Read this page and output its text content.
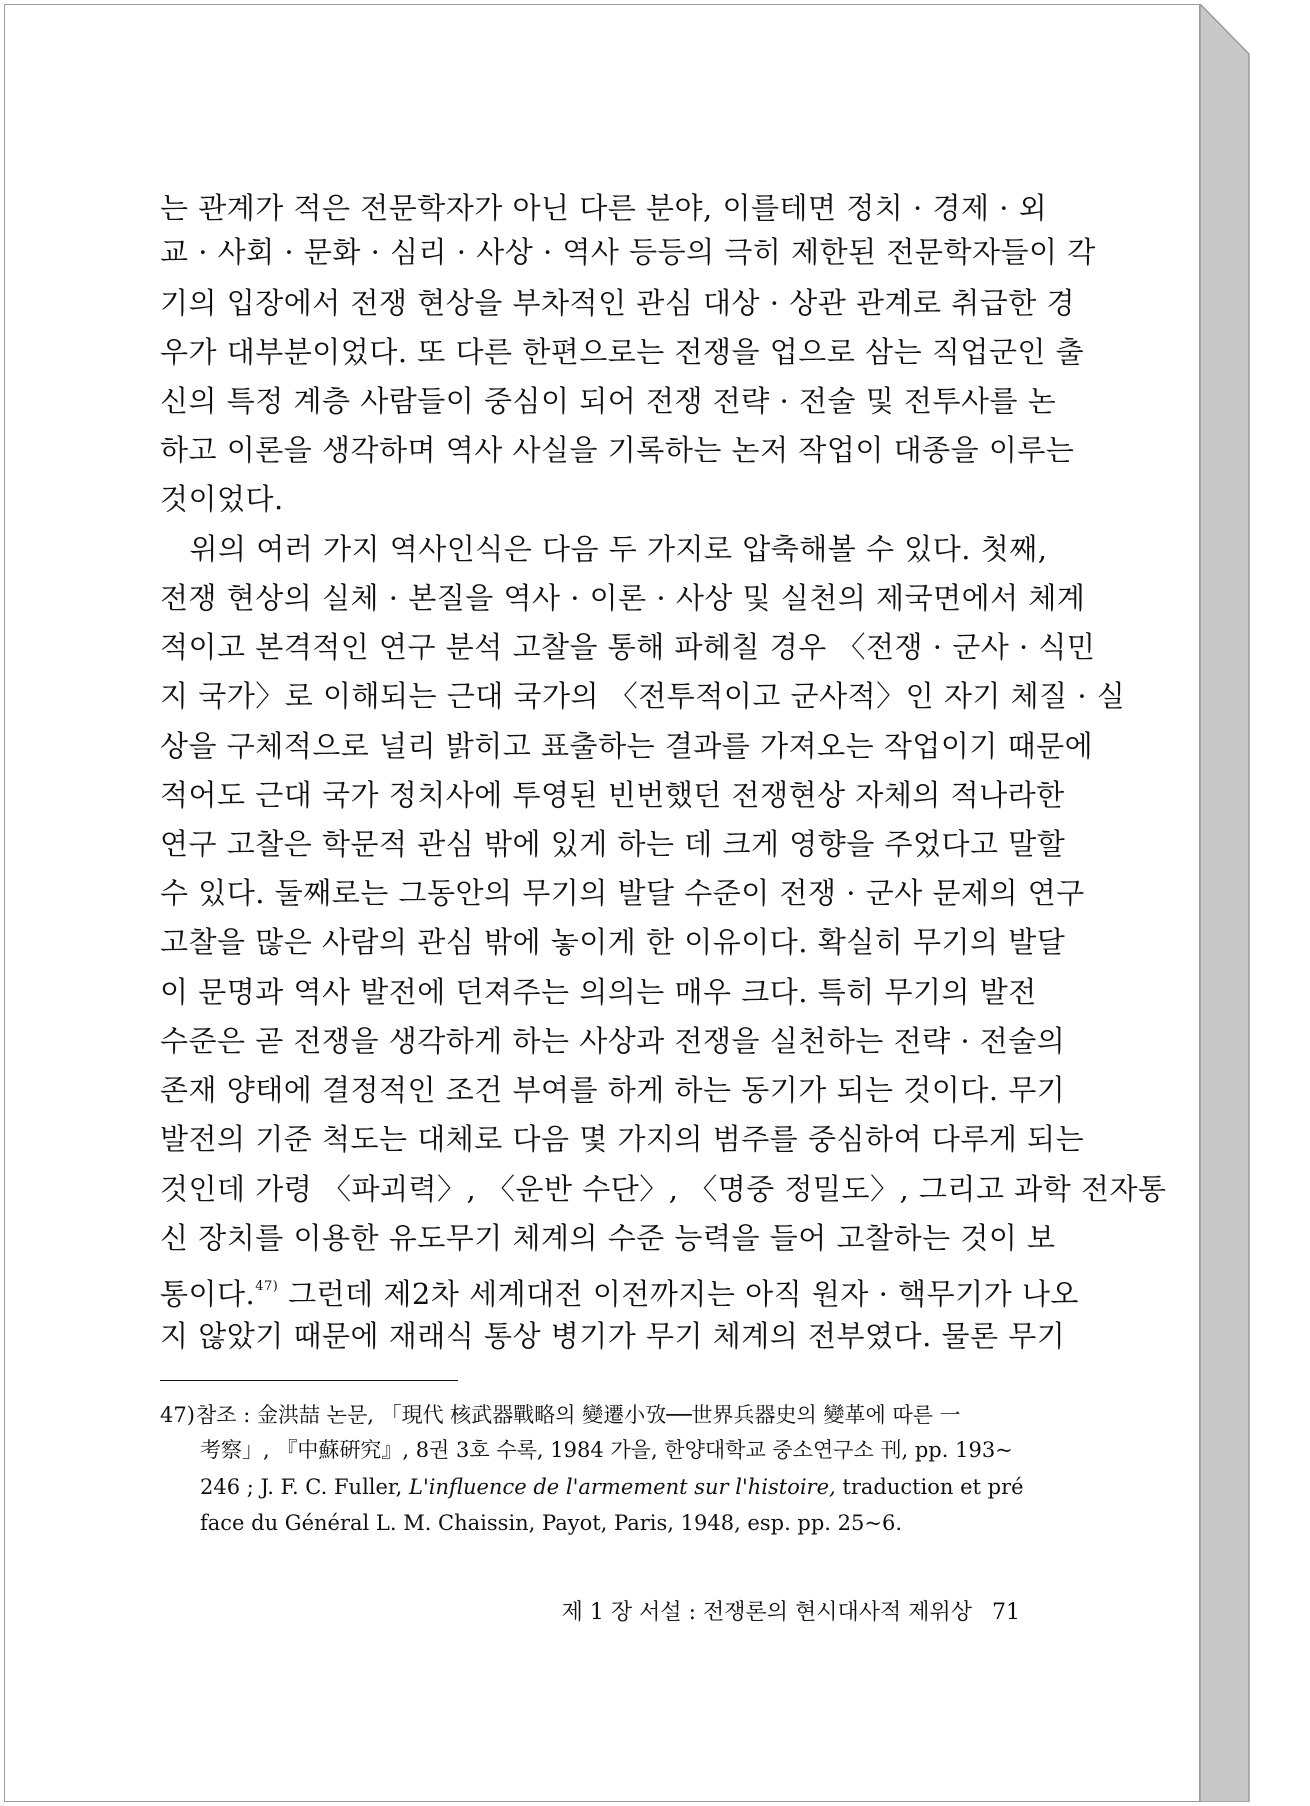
는 관계가 적은 전문학자가 아닌 다른 분야, 이를테면 정치 · 경제 · 외
교 · 사회 · 문화 · 심리 · 사상 · 역사 등등의 극히 제한된 전문학자들이 각
기의 입장에서 전쟁 현상을 부차적인 관심 대상 · 상관 관계로 취급한 경
우가 대부분이었다. 또 다른 한편으로는 전쟁을 업으로 삼는 직업군인 출
신의 특정 계층 사람들이 중심이 되어 전쟁 전략 · 전술 및 전투사를 논
하고 이론을 생각하며 역사 사실을 기록하는 논저 작업이 대종을 이루는
것이었다.
　위의 여러 가지 역사인식은 다음 두 가지로 압축해볼 수 있다. 첫째,
전쟁 현상의 실체 · 본질을 역사 · 이론 · 사상 및 실천의 제국면에서 체계
적이고 본격적인 연구 분석 고찰을 통해 파헤칠 경우 〈전쟁 · 군사 · 식민
지 국가〉로 이해되는 근대 국가의 〈전투적이고 군사적〉인 자기 체질 · 실
상을 구체적으로 널리 밝히고 표출하는 결과를 가져오는 작업이기 때문에
적어도 근대 국가 정치사에 투영된 빈번했던 전쟁현상 자체의 적나라한
연구 고찰은 학문적 관심 밖에 있게 하는 데 크게 영향을 주었다고 말할
수 있다. 둘째로는 그동안의 무기의 발달 수준이 전쟁 · 군사 문제의 연구
고찰을 많은 사람의 관심 밖에 놓이게 한 이유이다. 확실히 무기의 발달
이 문명과 역사 발전에 던져주는 의의는 매우 크다. 특히 무기의 발전
수준은 곧 전쟁을 생각하게 하는 사상과 전쟁을 실천하는 전략 · 전술의
존재 양태에 결정적인 조건 부여를 하게 하는 동기가 되는 것이다. 무기
발전의 기준 척도는 대체로 다음 몇 가지의 범주를 중심하여 다루게 되는
것인데 가령 〈파괴력〉, 〈운반 수단〉, 〈명중 정밀도〉, 그리고 과학 전자통
신 장치를 이용한 유도무기 체계의 수준 능력을 들어 고찰하는 것이 보
통이다.$^{47)}$ 그런데 제2차 세계대전 이전까지는 아직 원자 · 핵무기가 나오
지 않았기 때문에 재래식 통상 병기가 무기 체계의 전부였다. 물론 무기
47)참조 : 金洪喆 논문, 「現代 核武器戰略의 變遷小攷──世界兵器史의 變革에 따른 一
考察」, 『中蘇硏究』, 8권 3호 수록, 1984 가을, 한양대학교 중소연구소 刊, pp. 193~
246 ; J. F. C. Fuller, L'influence de l'armement sur l'histoire, traduction et pré
face du Général L. M. Chaissin, Payot, Paris, 1948, esp. pp. 25~6.
제 1 장 서설 : 전쟁론의 현시대사적 제위상 71
